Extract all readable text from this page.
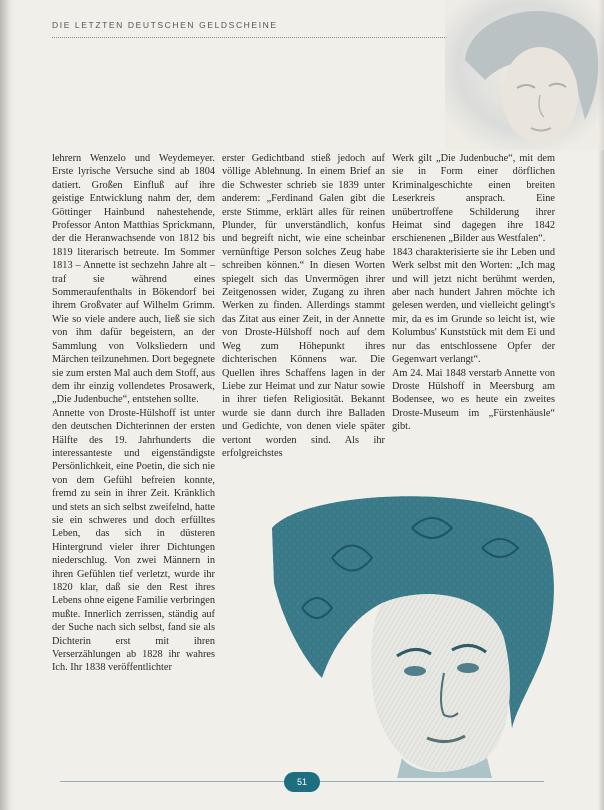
DIE LETZTEN DEUTSCHEN GELDSCHEINE

lehrern Wenzelo und Weydemeyer. Erste lyrische Versuche sind ab 1804 datiert. Großen Einfluß auf ihre geistige Entwicklung nahm der, dem Göttinger Hainbund nahestehende, Professor Anton Matthias Sprickmann, der die Heranwachsende von 1812 bis 1819 literarisch betreute. Im Sommer 1813 – Annette ist sechzehn Jahre alt – traf sie während eines Sommeraufenthalts in Bökendorf bei ihrem Großvater auf Wilhelm Grimm. Wie so viele andere auch, ließ sie sich von ihm dafür begeistern, an der Sammlung von Volksliedern und Märchen teilzunehmen. Dort begegnete sie zum ersten Mal auch dem Stoff, aus dem ihr einzig vollendetes Prosawerk, „Die Judenbuche“, entstehen sollte.

Annette von Droste-Hülshoff ist unter den deutschen Dichterinnen der ersten Hälfte des 19. Jahrhunderts die interessanteste und eigenständigste Persönlichkeit, eine Poetin, die sich nie von dem Gefühl befreien konnte, fremd zu sein in ihrer Zeit. Kränklich und stets an sich selbst zweifelnd, hatte sie ein schweres und doch erfülltes Leben, das sich in düsteren Hintergrund vieler ihrer Dichtungen niederschlug. Von zwei Männern in ihren Gefühlen tief verletzt, wurde ihr 1820 klar, daß sie den Rest ihres Lebens ohne eigene Familie verbringen mußte. Innerlich zerrissen, ständig auf der Suche nach sich selbst, fand sie als Dichterin erst mit ihren Verserzählungen ab 1828 ihr wahres Ich. Ihr 1838 veröffentlichter

erster Gedichtband stieß jedoch auf völlige Ablehnung. In einem Brief an die Schwester schrieb sie 1839 unter anderem: „Ferdinand Galen gibt die erste Stimme, erklärt alles für reinen Plunder, für unverständlich, konfus und begreift nicht, wie eine scheinbar vernünftige Person solches Zeug habe schreiben können.“ In diesen Worten spiegelt sich das Unvermögen ihrer Zeitgenossen wider, Zugang zu ihren Werken zu finden. Allerdings stammt das Zitat aus einer Zeit, in der Annette von Droste-Hülshoff noch auf dem Weg zum Höhepunkt ihres dichterischen Könnens war. Die Quellen ihres Schaffens lagen in der Liebe zur Heimat und zur Natur sowie in ihrer tiefen Religiosität. Bekannt wurde sie dann durch ihre Balladen und Gedichte, von denen viele später vertont worden sind. Als ihr erfolgreichstes

Werk gilt „Die Judenbuche“, mit dem sie in Form einer dörflichen Kriminalgeschichte einen breiten Leserkreis ansprach. Eine unübertroffene Schilderung ihrer Heimat sind dagegen ihre 1842 erschienenen „Bilder aus Westfalen“.

1843 charakterisierte sie ihr Leben und Werk selbst mit den Worten: „Ich mag und will jetzt nicht berühmt werden, aber nach hundert Jahren möchte ich gelesen werden, und vielleicht gelingt's mir, da es im Grunde so leicht ist, wie Kolumbus' Kunststück mit dem Ei und nur das entschlossene Opfer der Gegenwart verlangt“.

Am 24. Mai 1848 verstarb Annette von Droste Hülshoff in Meersburg am Bodensee, wo es heute ein zweites Droste-Museum im „Fürstenhäusle“ gibt.

51
